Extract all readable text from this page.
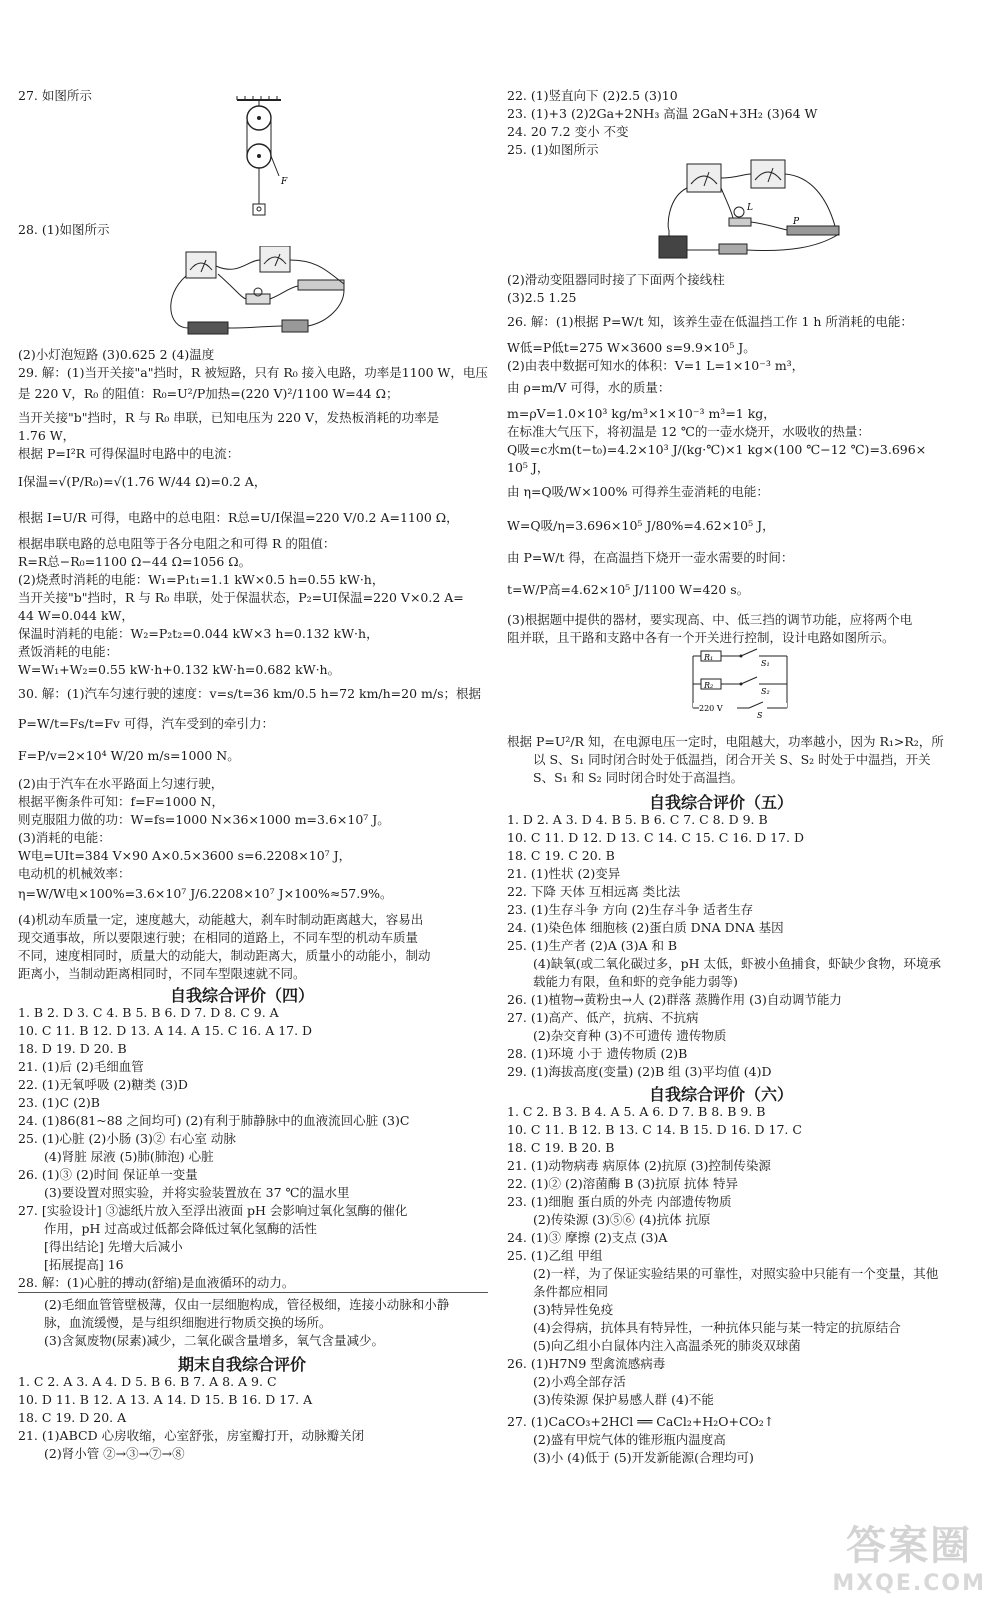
27. 如图所示
F
28. (1)如图所示
(2)小灯泡短路 (3)0.625 2 (4)温度
29. 解：(1)当开关接"a"挡时，R 被短路，只有 R₀ 接入电路，功率是1100 W，电压
是 220 V，R₀ 的阻值：R₀=U²/P加热=(220 V)²/1100 W=44 Ω；
当开关接"b"挡时，R 与 R₀ 串联，已知电压为 220 V，发热板消耗的功率是
1.76 W，
根据 P=I²R 可得保温时电路中的电流：
I保温=√(P/R₀)=√(1.76 W/44 Ω)=0.2 A，
根据 I=U/R 可得，电路中的总电阻：R总=U/I保温=220 V/0.2 A=1100 Ω，
根据串联电路的总电阻等于各分电阻之和可得 R 的阻值：
R=R总−R₀=1100 Ω−44 Ω=1056 Ω。
(2)烧煮时消耗的电能：W₁=P₁t₁=1.1 kW×0.5 h=0.55 kW·h，
当开关接"b"挡时，R 与 R₀ 串联，处于保温状态，P₂=UI保温=220 V×0.2 A=
44 W=0.044 kW，
保温时消耗的电能：W₂=P₂t₂=0.044 kW×3 h=0.132 kW·h，
煮饭消耗的电能：
W=W₁+W₂=0.55 kW·h+0.132 kW·h=0.682 kW·h。
30. 解：(1)汽车匀速行驶的速度：v=s/t=36 km/0.5 h=72 km/h=20 m/s；根据
P=W/t=Fs/t=Fv 可得，汽车受到的牵引力：
F=P/v=2×10⁴ W/20 m/s=1000 N。
(2)由于汽车在水平路面上匀速行驶，
根据平衡条件可知：f=F=1000 N，
则克服阻力做的功：W=fs=1000 N×36×1000 m=3.6×10⁷ J。
(3)消耗的电能：
W电=UIt=384 V×90 A×0.5×3600 s=6.2208×10⁷ J，
电动机的机械效率：
η=W/W电×100%=3.6×10⁷ J/6.2208×10⁷ J×100%≈57.9%。
(4)机动车质量一定，速度越大，动能越大，刹车时制动距离越大，容易出
现交通事故，所以要限速行驶；在相同的道路上，不同车型的机动车质量
不同，速度相同时，质量大的动能大，制动距离大，质量小的动能小，制动
距离小，当制动距离相同时，不同车型限速就不同。
自我综合评价（四）
1. B 2. D 3. C 4. B 5. B 6. D 7. D 8. C 9. A
10. C 11. B 12. D 13. A 14. A 15. C 16. A 17. D
18. D 19. D 20. B
21. (1)后 (2)毛细血管
22. (1)无氧呼吸 (2)糖类 (3)D
23. (1)C (2)B
24. (1)86(81~88 之间均可) (2)有利于肺静脉中的血液流回心脏 (3)C
25. (1)心脏 (2)小肠 (3)② 右心室 动脉
(4)肾脏 尿液 (5)肺(肺泡) 心脏
26. (1)③ (2)时间 保证单一变量
(3)要设置对照实验，并将实验装置放在 37 ℃的温水里
27. [实验设计] ③滤纸片放入至浮出液面 pH 会影响过氧化氢酶的催化
作用，pH 过高或过低都会降低过氧化氢酶的活性
[得出结论] 先增大后减小
[拓展提高] 16
28. 解：(1)心脏的搏动(舒缩)是血液循环的动力。
(2)毛细血管管壁极薄，仅由一层细胞构成，管径极细，连接小动脉和小静
脉，血流缓慢，是与组织细胞进行物质交换的场所。
(3)含氮废物(尿素)减少，二氧化碳含量增多，氧气含量减少。
期末自我综合评价
1. C 2. A 3. A 4. D 5. B 6. B 7. A 8. A 9. C
10. D 11. B 12. A 13. A 14. D 15. B 16. D 17. A
18. C 19. D 20. A
21. (1)ABCD 心房收缩，心室舒张，房室瓣打开，动脉瓣关闭
(2)肾小管 ②→③→⑦→⑧
22. (1)竖直向下 (2)2.5 (3)10
23. (1)+3 (2)2Ga+2NH₃ 高温 2GaN+3H₂ (3)64 W
24. 20 7.2 变小 不变
25. (1)如图所示
L
P
(2)滑动变阻器同时接了下面两个接线柱
(3)2.5 1.25
26. 解：(1)根据 P=W/t 知，该养生壶在低温挡工作 1 h 所消耗的电能：
W低=P低t=275 W×3600 s=9.9×10⁵ J。
(2)由表中数据可知水的体积：V=1 L=1×10⁻³ m³，
由 ρ=m/V 可得，水的质量：
m=ρV=1.0×10³ kg/m³×1×10⁻³ m³=1 kg，
在标准大气压下，将初温是 12 ℃的一壶水烧开，水吸收的热量：
Q吸=c水m(t−t₀)=4.2×10³ J/(kg·℃)×1 kg×(100 ℃−12 ℃)=3.696×
10⁵ J，
由 η=Q吸/W×100% 可得养生壶消耗的电能：
W=Q吸/η=3.696×10⁵ J/80%=4.62×10⁵ J，
由 P=W/t 得，在高温挡下烧开一壶水需要的时间：
t=W/P高=4.62×10⁵ J/1100 W=420 s。
(3)根据题中提供的器材，要实现高、中、低三挡的调节功能，应将两个电
阻并联，且干路和支路中各有一个开关进行控制，设计电路如图所示。
R₁
R₂
S₁
S₂
220 V
S
根据 P=U²/R 知，在电源电压一定时，电阻越大，功率越小，因为 R₁>R₂，所
以 S、S₁ 同时闭合时处于低温挡，闭合开关 S、S₂ 时处于中温挡，开关
S、S₁ 和 S₂ 同时闭合时处于高温挡。
自我综合评价（五）
1. D 2. A 3. D 4. B 5. B 6. C 7. C 8. D 9. B
10. C 11. D 12. D 13. C 14. C 15. C 16. D 17. D
18. C 19. C 20. B
21. (1)性状 (2)变异
22. 下降 天体 互相远离 类比法
23. (1)生存斗争 方向 (2)生存斗争 适者生存
24. (1)染色体 细胞核 (2)蛋白质 DNA DNA 基因
25. (1)生产者 (2)A (3)A 和 B
(4)缺氧(或二氧化碳过多，pH 太低，虾被小鱼捕食，虾缺少食物，环境承
载能力有限，鱼和虾的竞争能力弱等)
26. (1)植物→黄粉虫→人 (2)群落 蒸腾作用 (3)自动调节能力
27. (1)高产、低产，抗病、不抗病
(2)杂交育种 (3)不可遗传 遗传物质
28. (1)环境 小于 遗传物质 (2)B
29. (1)海拔高度(变量) (2)B 组 (3)平均值 (4)D
自我综合评价（六）
1. C 2. B 3. B 4. A 5. A 6. D 7. B 8. B 9. B
10. C 11. B 12. B 13. C 14. B 15. D 16. D 17. C
18. C 19. B 20. B
21. (1)动物病毒 病原体 (2)抗原 (3)控制传染源
22. (1)② (2)溶菌酶 B (3)抗原 抗体 特异
23. (1)细胞 蛋白质的外壳 内部遗传物质
(2)传染源 (3)⑤⑥ (4)抗体 抗原
24. (1)③ 摩擦 (2)支点 (3)A
25. (1)乙组 甲组
(2)一样，为了保证实验结果的可靠性，对照实验中只能有一个变量，其他
条件都应相同
(3)特异性免疫
(4)会得病，抗体具有特异性，一种抗体只能与某一特定的抗原结合
(5)向乙组小白鼠体内注入高温杀死的肺炎双球菌
26. (1)H7N9 型禽流感病毒
(2)小鸡全部存活
(3)传染源 保护易感人群 (4)不能
27. (1)CaCO₃+2HCl ══ CaCl₂+H₂O+CO₂↑
(2)盛有甲烷气体的锥形瓶内温度高
(3)小 (4)低于 (5)开发新能源(合理均可)
答案圈
MXQE.COM
